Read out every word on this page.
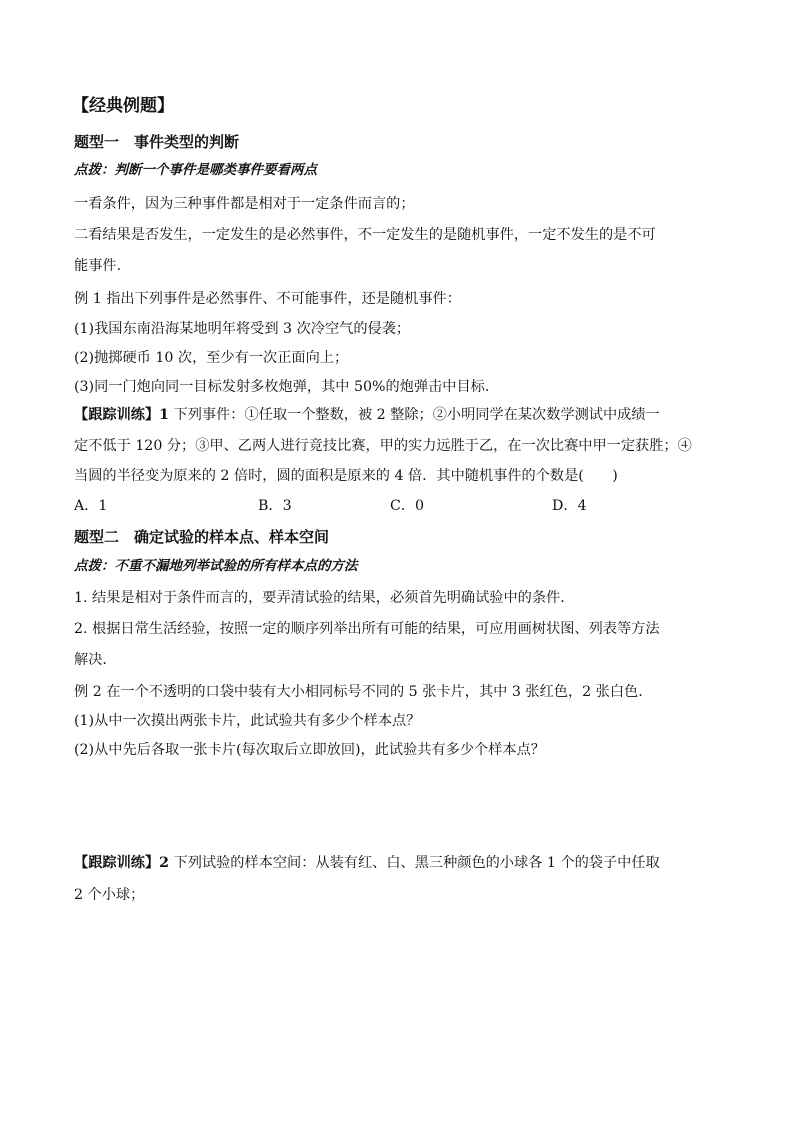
【经典例题】
题型一　事件类型的判断
点拨：判断一个事件是哪类事件要看两点
一看条件，因为三种事件都是相对于一定条件而言的；
二看结果是否发生，一定发生的是必然事件，不一定发生的是随机事件，一定不发生的是不可
能事件.
例 1 指出下列事件是必然事件、不可能事件，还是随机事件：
(1)我国东南沿海某地明年将受到 3 次冷空气的侵袭；
(2)抛掷硬币 10 次，至少有一次正面向上；
(3)同一门炮向同一目标发射多枚炮弹，其中 50%的炮弹击中目标.
【跟踪训练】1 下列事件：①任取一个整数，被 2 整除；②小明同学在某次数学测试中成绩一
定不低于 120 分；③甲、乙两人进行竞技比赛，甲的实力远胜于乙，在一次比赛中甲一定获胜；④
当圆的半径变为原来的 2 倍时，圆的面积是原来的 4 倍．其中随机事件的个数是(　　)
A．1	B．3	C．0	D．4
题型二　确定试验的样本点、样本空间
点拨：不重不漏地列举试验的所有样本点的方法
1. 结果是相对于条件而言的，要弄清试验的结果，必须首先明确试验中的条件.
2. 根据日常生活经验，按照一定的顺序列举出所有可能的结果，可应用画树状图、列表等方法
解决.
例 2 在一个不透明的口袋中装有大小相同标号不同的 5 张卡片，其中 3 张红色，2 张白色.
(1)从中一次摸出两张卡片，此试验共有多少个样本点？
(2)从中先后各取一张卡片(每次取后立即放回)，此试验共有多少个样本点？
【跟踪训练】2 下列试验的样本空间：从装有红、白、黑三种颜色的小球各 1 个的袋子中任取
2 个小球；
